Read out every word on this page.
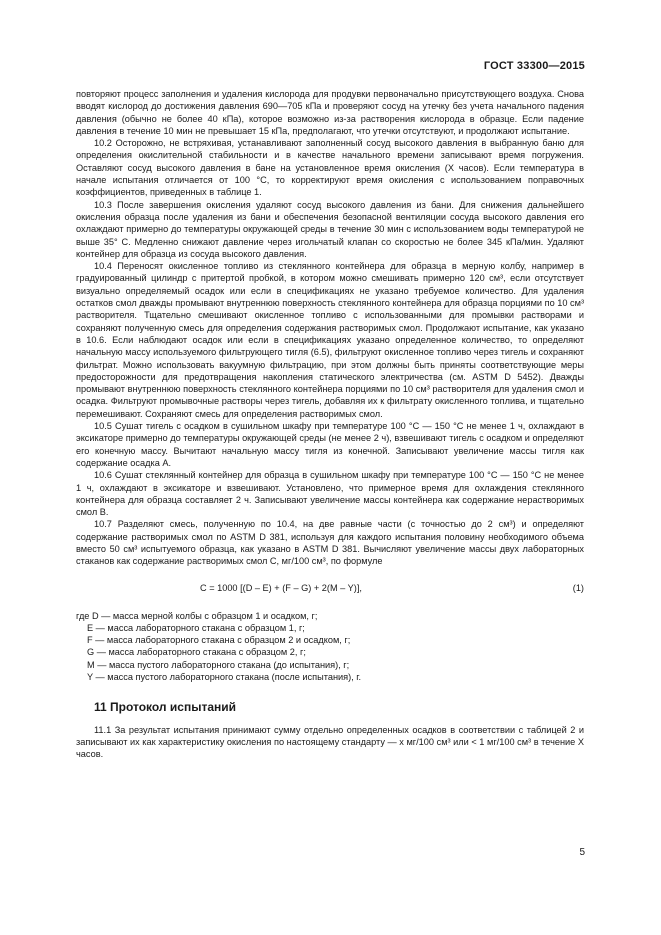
ГОСТ 33300—2015

повторяют процесс заполнения и удаления кислорода для продувки первоначально присутствующего воздуха. Снова вводят кислород до достижения давления 690—705 кПа и проверяют сосуд на утечку без учета начального падения давления (обычно не более 40 кПа), которое возможно из-за растворения кислорода в образце. Если падение давления в течение 10 мин не превышает 15 кПа, предполагают, что утечки отсутствуют, и продолжают испытание.

10.2 Осторожно, не встряхивая, устанавливают заполненный сосуд высокого давления в выбранную баню для определения окислительной стабильности и в качестве начального времени записывают время погружения. Оставляют сосуд высокого давления в бане на установленное время окисления (X часов). Если температура в начале испытания отличается от 100 °С, то корректируют время окисления с использованием поправочных коэффициентов, приведенных в таблице 1.

10.3 После завершения окисления удаляют сосуд высокого давления из бани. Для снижения дальнейшего окисления образца после удаления из бани и обеспечения безопасной вентиляции сосуда высокого давления его охлаждают примерно до температуры окружающей среды в течение 30 мин с использованием воды температурой не выше 35° С. Медленно снижают давление через игольчатый клапан со скоростью не более 345 кПа/мин. Удаляют контейнер для образца из сосуда высокого давления.

10.4 Переносят окисленное топливо из стеклянного контейнера для образца в мерную колбу, например в градуированный цилиндр с притертой пробкой, в котором можно смешивать примерно 120 см³, если отсутствует визуально определяемый осадок или если в спецификациях не указано требуемое количество. Для удаления остатков смол дважды промывают внутреннюю поверхность стеклянного контейнера для образца порциями по 10 см³ растворителя. Тщательно смешивают окисленное топливо с использованными для промывки растворами и сохраняют полученную смесь для определения содержания растворимых смол. Продолжают испытание, как указано в 10.6. Если наблюдают осадок или если в спецификациях указано определенное количество, то определяют начальную массу используемого фильтрующего тигля (6.5), фильтруют окисленное топливо через тигель и сохраняют фильтрат. Можно использовать вакуумную фильтрацию, при этом должны быть приняты соответствующие меры предосторожности для предотвращения накопления статического электричества (см. ASTM D 5452). Дважды промывают внутреннюю поверхность стеклянного контейнера порциями по 10 см³ растворителя для удаления смол и осадка. Фильтруют промывочные растворы через тигель, добавляя их к фильтрату окисленного топлива, и тщательно перемешивают. Сохраняют смесь для определения растворимых смол.

10.5 Сушат тигель с осадком в сушильном шкафу при температуре 100 °С — 150 °С не менее 1 ч, охлаждают в эксикаторе примерно до температуры окружающей среды (не менее 2 ч), взвешивают тигель с осадком и определяют его конечную массу. Вычитают начальную массу тигля из конечной. Записывают увеличение массы тигля как содержание осадка А.

10.6 Сушат стеклянный контейнер для образца в сушильном шкафу при температуре 100 °С — 150 °С не менее 1 ч, охлаждают в эксикаторе и взвешивают. Установлено, что примерное время для охлаждения стеклянного контейнера для образца составляет 2 ч. Записывают увеличение массы контейнера как содержание нерастворимых смол В.

10.7 Разделяют смесь, полученную по 10.4, на две равные части (с точностью до 2 см³) и определяют содержание растворимых смол по ASTM D 381, используя для каждого испытания половину необходимого объема вместо 50 см³ испытуемого образца, как указано в ASTM D 381. Вычисляют увеличение массы двух лабораторных стаканов как содержание растворимых смол С, мг/100 см³, по формуле

C = 1000 [(D – E) + (F – G) + 2(M – Y)],	(1)

где D — масса мерной колбы с образцом 1 и осадком, г;

E — масса лабораторного стакана с образцом 1, г;

F — масса лабораторного стакана с образцом 2 и осадком, г;

G — масса лабораторного стакана с образцом 2, г;

M — масса пустого лабораторного стакана (до испытания), г;

Y — масса пустого лабораторного стакана (после испытания), г.

11 Протокол испытаний

11.1 За результат испытания принимают сумму отдельно определенных осадков в соответствии с таблицей 2 и записывают их как характеристику окисления по настоящему стандарту — х мг/100 см³ или < 1 мг/100 см³ в течение Х часов.

5
